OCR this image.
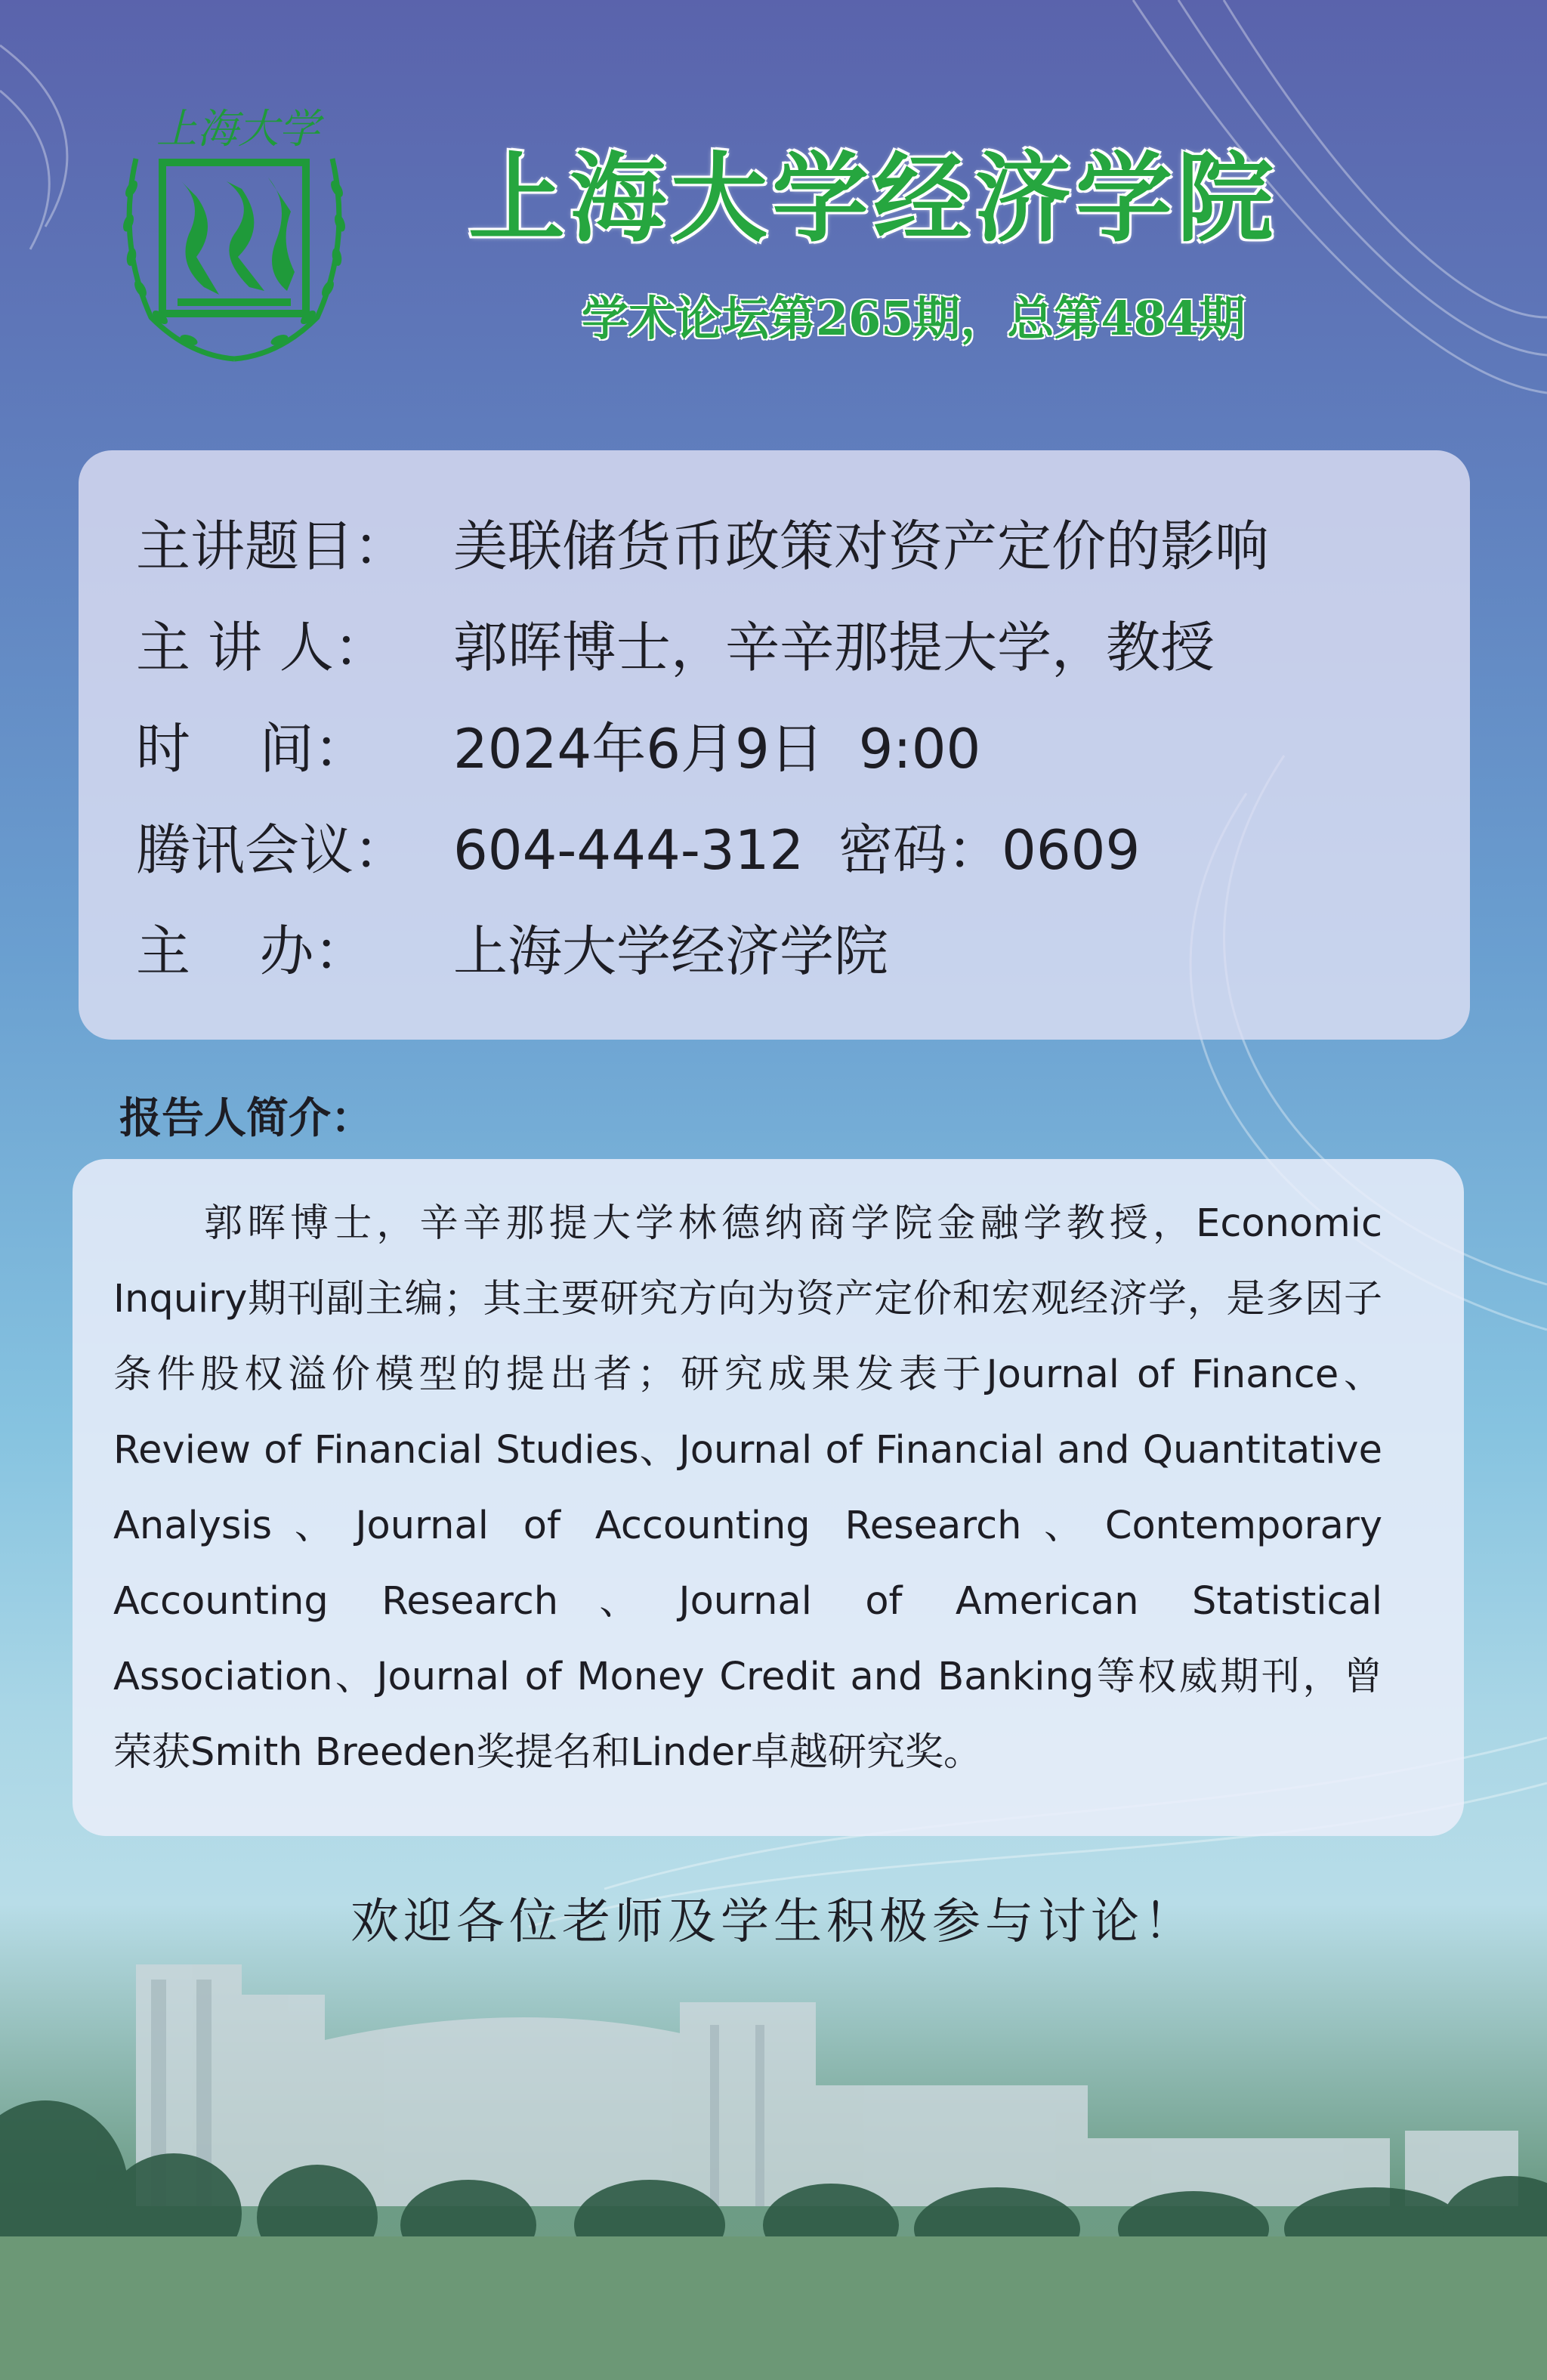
上海大学
上海大学经济学院
学术论坛第265期，总第484期
主讲题目： 美联储货币政策对资产定价的影响
主 讲 人：	郭晖博士，辛辛那提大学，教授
时    间：	2024年6月9日  9:00
腾讯会议： 604-444-312  密码：0609
主    办：	上海大学经济学院
报告人简介：
郭晖博士，辛辛那提大学林德纳商学院金融学教授，Economic Inquiry期刊副主编；其主要研究方向为资产定价和宏观经济学，是多因子条件股权溢价模型的提出者；研究成果发表于Journal of Finance、Review of Financial Studies、Journal of Financial and Quantitative Analysis、Journal of Accounting Research、Contemporary Accounting Research、Journal of American Statistical Association、Journal of Money Credit and Banking等权威期刊，曾荣获Smith Breeden奖提名和Linder卓越研究奖。
欢迎各位老师及学生积极参与讨论！
